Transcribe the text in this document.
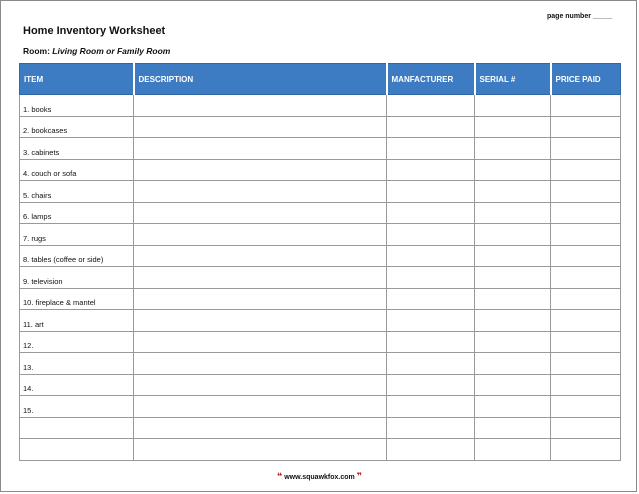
page number _____
Home Inventory Worksheet
Room: Living Room or Family Room
ITEM	DESCRIPTION	MANFACTURER	SERIAL #	PRICE PAID
1. books				
2. bookcases				
3. cabinets				
4. couch or sofa				
5. chairs				
6. lamps				
7. rugs				
8. tables (coffee or side)				
9. television				
10. fireplace & mantel				
11. art				
12.				
13.				
14.				
15.				

❝ www.squawkfox.com ❞
